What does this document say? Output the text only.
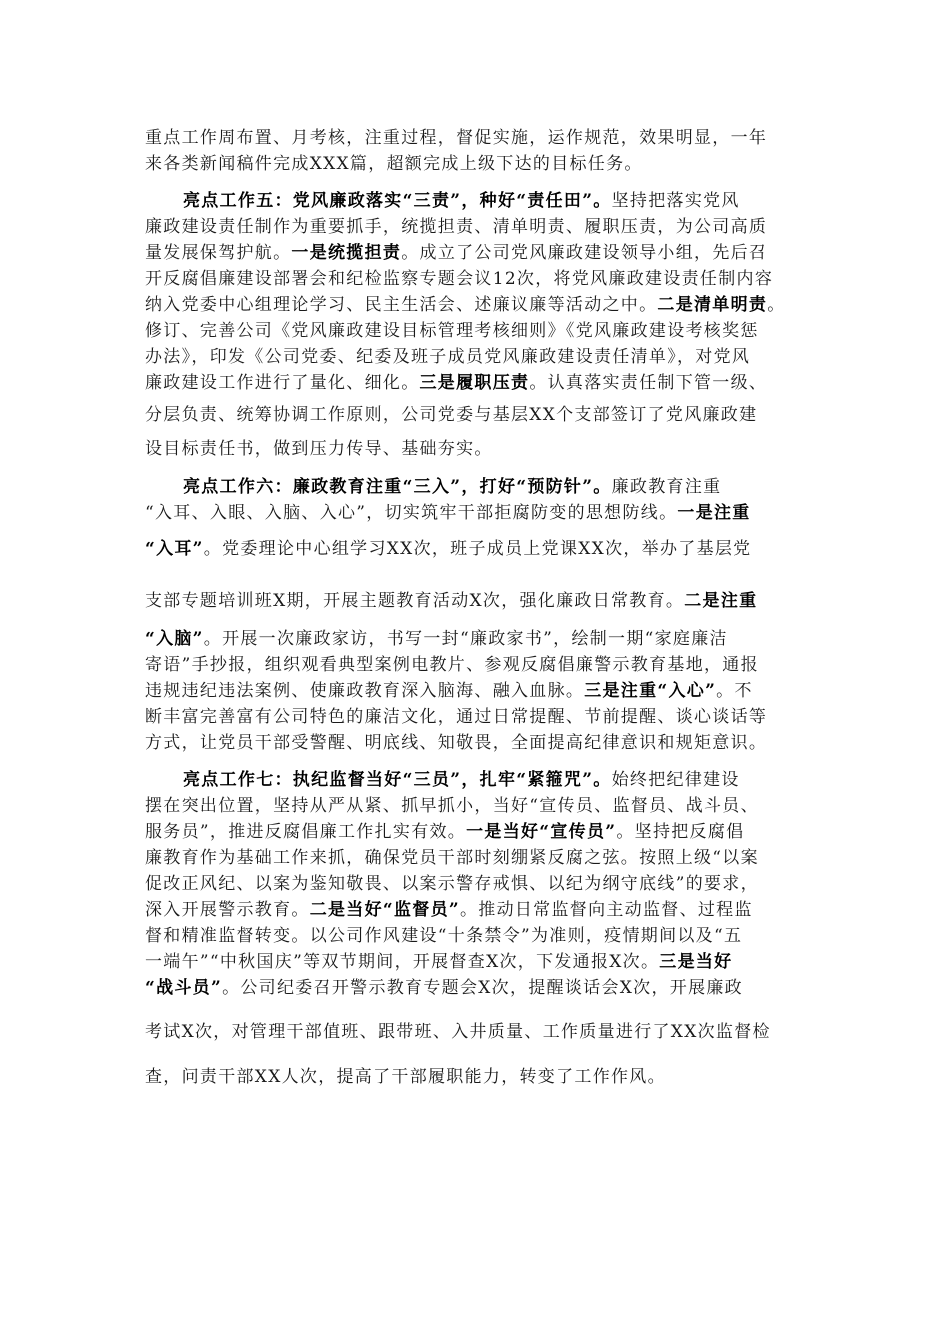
重点工作周布置、月考核，注重过程，督促实施，运作规范，效果明显，一年
来各类新闻稿件完成XXX篇，超额完成上级下达的目标任务。
亮点工作五：党风廉政落实“三责”，种好“责任田”。坚持把落实党风
廉政建设责任制作为重要抓手，统揽担责、清单明责、履职压责，为公司高质
量发展保驾护航。一是统揽担责。成立了公司党风廉政建设领导小组，先后召
开反腐倡廉建设部署会和纪检监察专题会议12次，将党风廉政建设责任制内容
纳入党委中心组理论学习、民主生活会、述廉议廉等活动之中。二是清单明责。
修订、完善公司《党风廉政建设目标管理考核细则》《党风廉政建设考核奖惩
办法》，印发《公司党委、纪委及班子成员党风廉政建设责任清单》，对党风
廉政建设工作进行了量化、细化。三是履职压责。认真落实责任制下管一级、
分层负责、统筹协调工作原则，公司党委与基层XX个支部签订了党风廉政建
设目标责任书，做到压力传导、基础夯实。
亮点工作六：廉政教育注重“三入”，打好“预防针”。廉政教育注重
“入耳、入眼、入脑、入心”，切实筑牢干部拒腐防变的思想防线。一是注重
“入耳”。党委理论中心组学习XX次，班子成员上党课XX次，举办了基层党
支部专题培训班X期，开展主题教育活动X次，强化廉政日常教育。二是注重
“入脑”。开展一次廉政家访，书写一封“廉政家书”，绘制一期“家庭廉洁
寄语”手抄报，组织观看典型案例电教片、参观反腐倡廉警示教育基地，通报
违规违纪违法案例、使廉政教育深入脑海、融入血脉。三是注重“入心”。不
断丰富完善富有公司特色的廉洁文化，通过日常提醒、节前提醒、谈心谈话等
方式，让党员干部受警醒、明底线、知敬畏，全面提高纪律意识和规矩意识。
亮点工作七：执纪监督当好“三员”，扎牢“紧箍咒”。始终把纪律建设
摆在突出位置，坚持从严从紧、抓早抓小，当好“宣传员、监督员、战斗员、
服务员”，推进反腐倡廉工作扎实有效。一是当好“宣传员”。坚持把反腐倡
廉教育作为基础工作来抓，确保党员干部时刻绷紧反腐之弦。按照上级“以案
促改正风纪、以案为鉴知敬畏、以案示警存戒惧、以纪为纲守底线”的要求，
深入开展警示教育。二是当好“监督员”。推动日常监督向主动监督、过程监
督和精准监督转变。以公司作风建设“十条禁令”为准则，疫情期间以及“五
一端午”“中秋国庆”等双节期间，开展督查X次，下发通报X次。三是当好
“战斗员”。公司纪委召开警示教育专题会X次，提醒谈话会X次，开展廉政
考试X次，对管理干部值班、跟带班、入井质量、工作质量进行了XX次监督检
查，问责干部XX人次，提高了干部履职能力，转变了工作作风。
